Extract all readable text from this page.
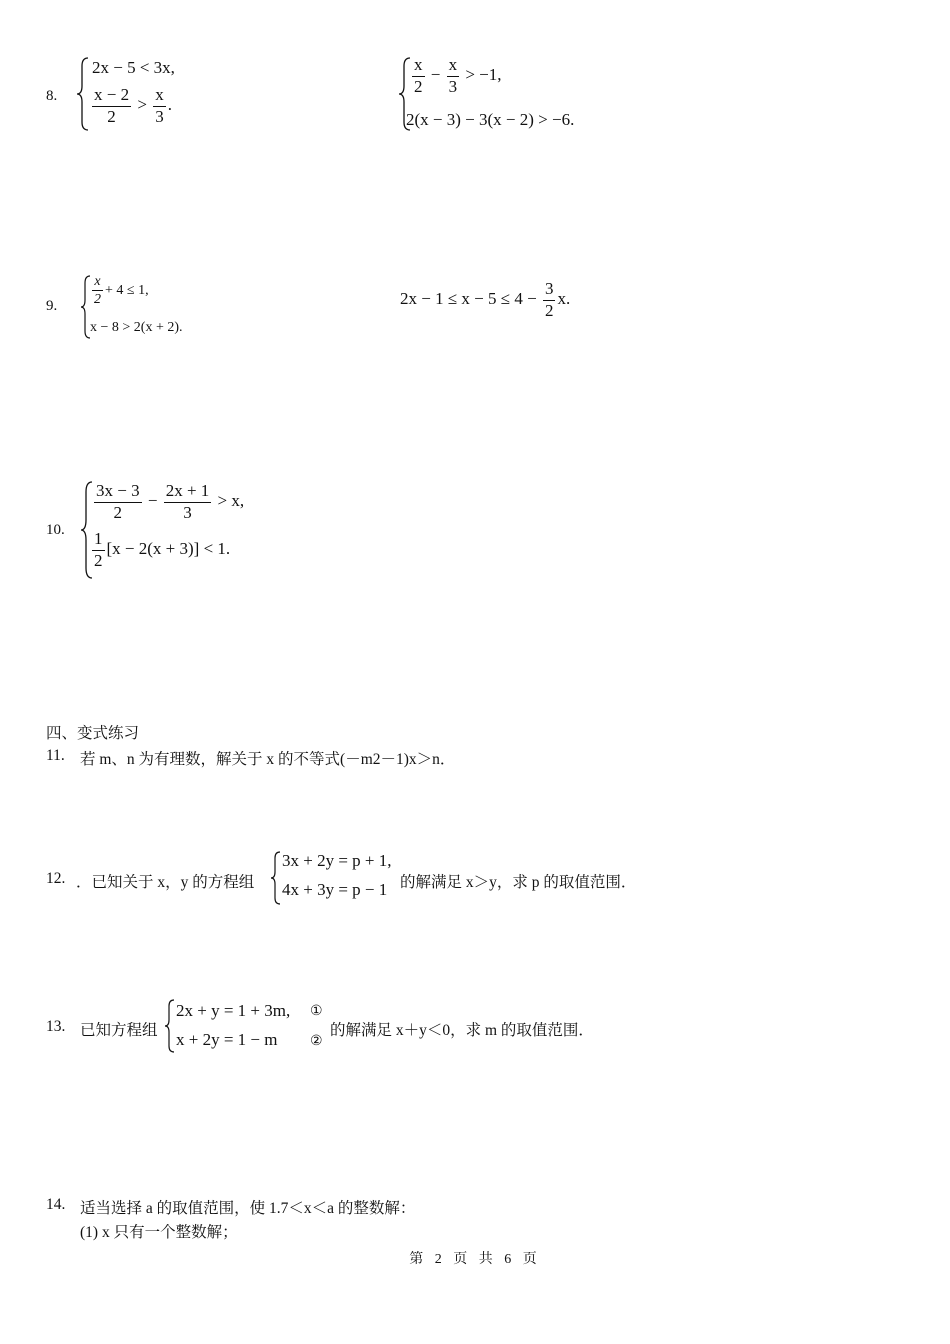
8.
2x − 5 < 3x,
$\frac{x - 2}{2} > \frac{x}{3}$ .
$\frac{x}{2} - \frac{x}{3} > -1$,
2(x − 3) − 3(x − 2) > −6.
9. $\frac{x}{2} + 4 \le 1$,
x − 8 > 2(x + 2).
$2x - 1 \le x - 5 \le 4 - \frac{3}{2} x$.
10.
$\frac{3x - 3}{2} - \frac{2x + 1}{3} > x$,
$\frac{1}{2} [x - 2(x + 3)] < 1$.
四、变式练习
11. 若 m、n 为有理数，解关于 x 的不等式(－m2－1)x＞n．
12. ．已知关于 x，y 的方程组
3x + 2y = p + 1,
4x + 3y = p − 1 的解满足 x＞y，求 p 的取值范围．
13. 已知方程组
2x + y = 1 + 3m,
x + 2y = 1 − m
①
②
的解满足 x＋y＜0，求 m 的取值范围．
14. 适当选择 a 的取值范围，使 1.7＜x＜a 的整数解：
(1) x 只有一个整数解；
第 2 页 共 6 页
